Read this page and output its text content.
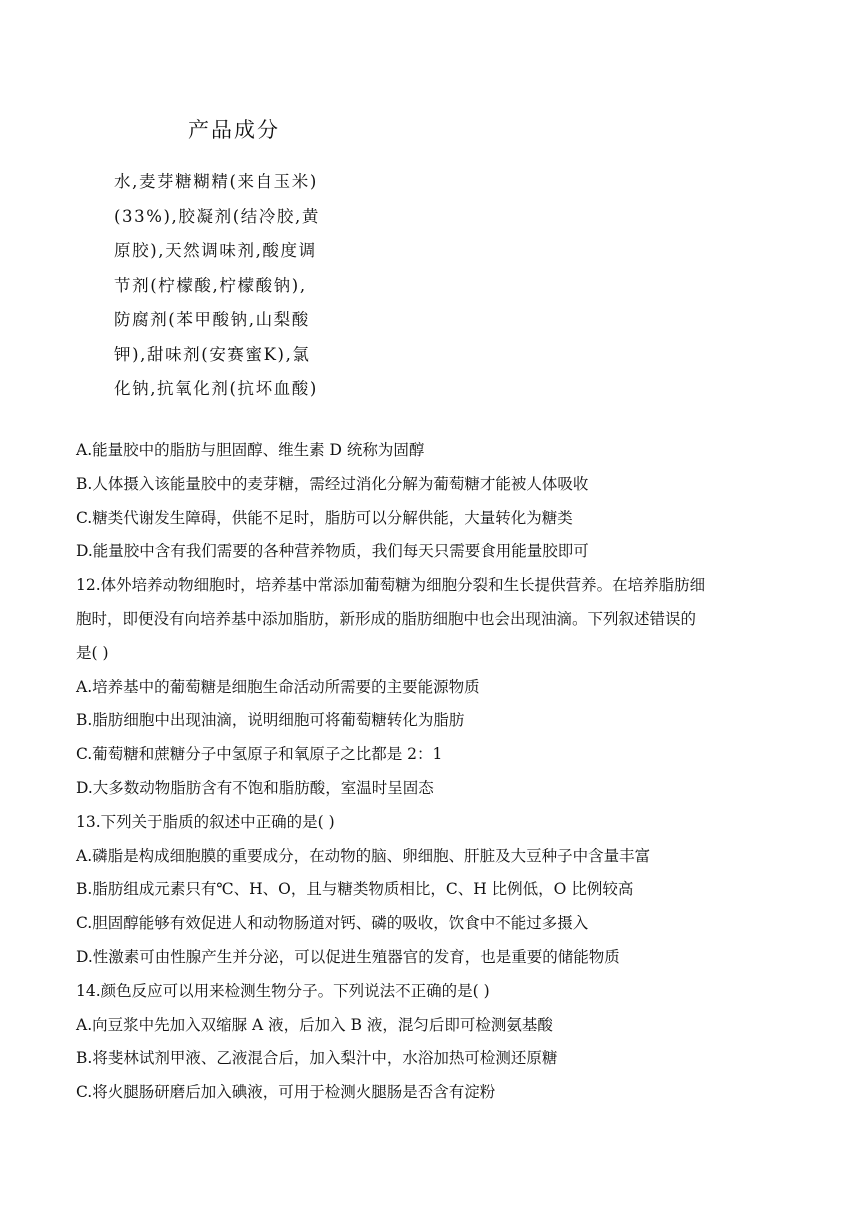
产品成分
水,麦芽糖糊精(来自玉米)
(33%),胶凝剂(结冷胶,黄
原胶),天然调味剂,酸度调
节剂(柠檬酸,柠檬酸钠),
防腐剂(苯甲酸钠,山梨酸
钾),甜味剂(安赛蜜K),氯
化钠,抗氧化剂(抗坏血酸)
A.能量胶中的脂肪与胆固醇、维生素 D 统称为固醇
B.人体摄入该能量胶中的麦芽糖，需经过消化分解为葡萄糖才能被人体吸收
C.糖类代谢发生障碍，供能不足时，脂肪可以分解供能，大量转化为糖类
D.能量胶中含有我们需要的各种营养物质，我们每天只需要食用能量胶即可
12.体外培养动物细胞时，培养基中常添加葡萄糖为细胞分裂和生长提供营养。在培养脂肪细
胞时，即便没有向培养基中添加脂肪，新形成的脂肪细胞中也会出现油滴。下列叙述错误的
是( )
A.培养基中的葡萄糖是细胞生命活动所需要的主要能源物质
B.脂肪细胞中出现油滴，说明细胞可将葡萄糖转化为脂肪
C.葡萄糖和蔗糖分子中氢原子和氧原子之比都是 2：1
D.大多数动物脂肪含有不饱和脂肪酸，室温时呈固态
13.下列关于脂质的叙述中正确的是( )
A.磷脂是构成细胞膜的重要成分，在动物的脑、卵细胞、肝脏及大豆种子中含量丰富
B.脂肪组成元素只有℃、H、O，且与糖类物质相比，C、H 比例低，O 比例较高
C.胆固醇能够有效促进人和动物肠道对钙、磷的吸收，饮食中不能过多摄入
D.性激素可由性腺产生并分泌，可以促进生殖器官的发育，也是重要的储能物质
14.颜色反应可以用来检测生物分子。下列说法不正确的是( )
A.向豆浆中先加入双缩脲 A 液，后加入 B 液，混匀后即可检测氨基酸
B.将斐林试剂甲液、乙液混合后，加入梨汁中，水浴加热可检测还原糖
C.将火腿肠研磨后加入碘液，可用于检测火腿肠是否含有淀粉
